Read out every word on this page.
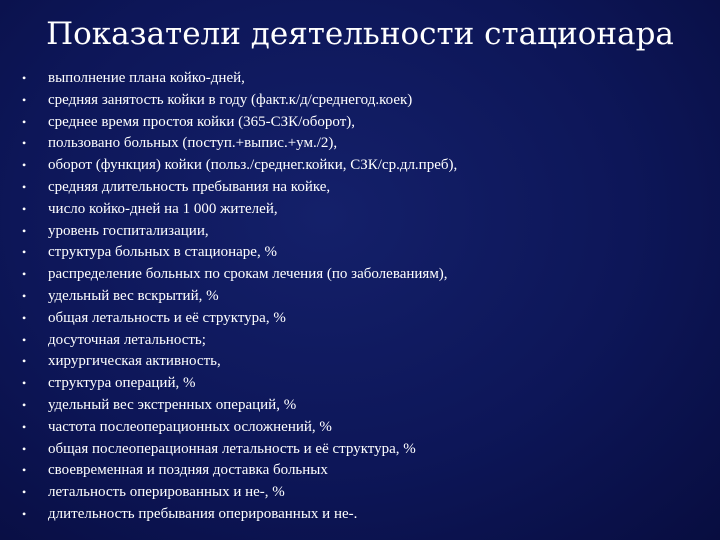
Показатели деятельности стационара
• выполнение плана койко-дней,
• средняя занятость койки в году (факт.к/д/среднегод.коек)
• среднее время простоя койки (365-СЗК/оборот),
• пользовано больных (поступ.+выпис.+ум./2),
• оборот (функция) койки (польз./среднег.койки, СЗК/ср.дл.преб),
• средняя длительность пребывания на койке,
• число койко-дней на 1 000 жителей,
• уровень госпитализации,
• структура больных в стационаре, %
• распределение больных по срокам лечения (по заболеваниям),
• удельный вес вскрытий, %
• общая летальность и её структура, %
• досуточная летальность;
• хирургическая активность,
• структура операций, %
• удельный вес экстренных операций, %
• частота послеоперационных осложнений, %
• общая послеоперационная летальность и её структура, %
• своевременная и поздняя доставка больных
• летальность оперированных и не-, %
• длительность пребывания оперированных и не-.
